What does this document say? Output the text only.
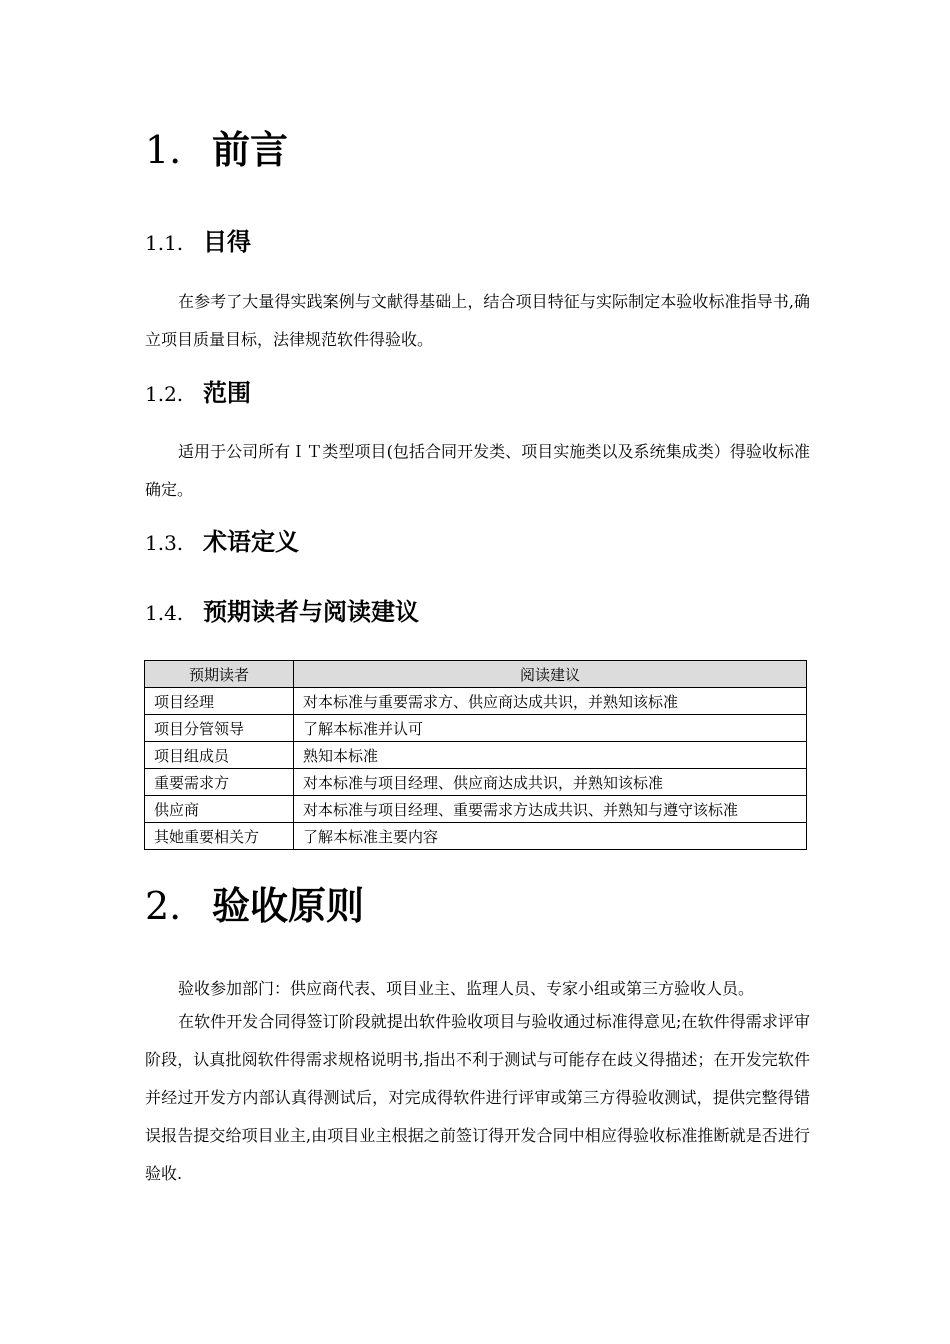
1. 前言
1.1. 目得

在参考了大量得实践案例与文献得基础上，结合项目特征与实际制定本验收标准指导书,确立项目质量目标，法律规范软件得验收。

1.2. 范围

适用于公司所有ＩＴ类型项目(包括合同开发类、项目实施类以及系统集成类）得验收标准确定。

1.3. 术语定义
1.4. 预期读者与阅读建议
预期读者	阅读建议
项目经理	对本标准与重要需求方、供应商达成共识，并熟知该标准
项目分管领导	了解本标准并认可
项目组成员	熟知本标准
重要需求方	对本标准与项目经理、供应商达成共识，并熟知该标准
供应商	对本标准与项目经理、重要需求方达成共识、并熟知与遵守该标准
其她重要相关方	了解本标准主要内容
2. 验收原则

验收参加部门：供应商代表、项目业主、监理人员、专家小组或第三方验收人员。

在软件开发合同得签订阶段就提出软件验收项目与验收通过标准得意见;在软件得需求评审阶段，认真批阅软件得需求规格说明书,指出不利于测试与可能存在歧义得描述；在开发完软件并经过开发方内部认真得测试后，对完成得软件进行评审或第三方得验收测试，提供完整得错误报告提交给项目业主,由项目业主根据之前签订得开发合同中相应得验收标准推断就是否进行验收.
